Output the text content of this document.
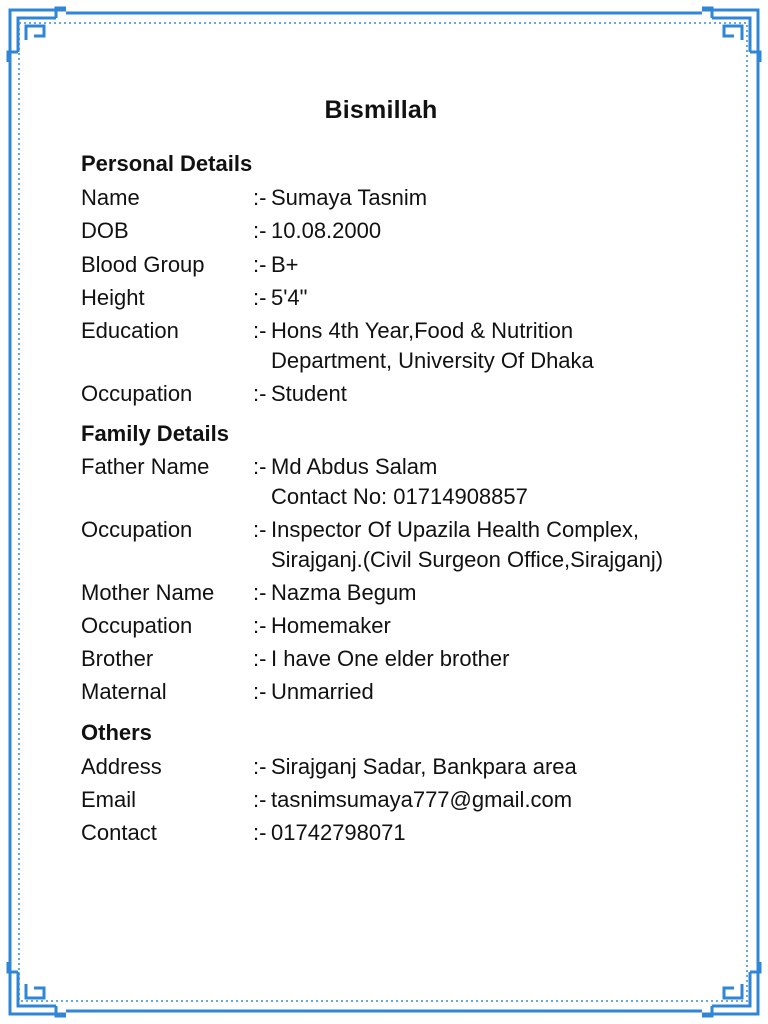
Bismillah
Personal Details
Name	:- Sumaya Tasnim
DOB	:- 10.08.2000
Blood Group :- B+
Height	:- 5'4"
Education	:- Hons 4th Year,Food & Nutrition
Department, University Of Dhaka
Occupation	:- Student
Family Details
Father Name :- Md Abdus Salam
Contact No: 01714908857
Occupation	:- Inspector Of Upazila Health Complex,
Sirajganj.(Civil Surgeon Office,Sirajganj)
Mother Name :- Nazma Begum
Occupation	:- Homemaker
Brother	:- I have One elder brother
Maternal	:- Unmarried
Others
Address	:- Sirajganj Sadar, Bankpara area
Email	:- tasnimsumaya777@gmail.com
Contact	:- 01742798071
